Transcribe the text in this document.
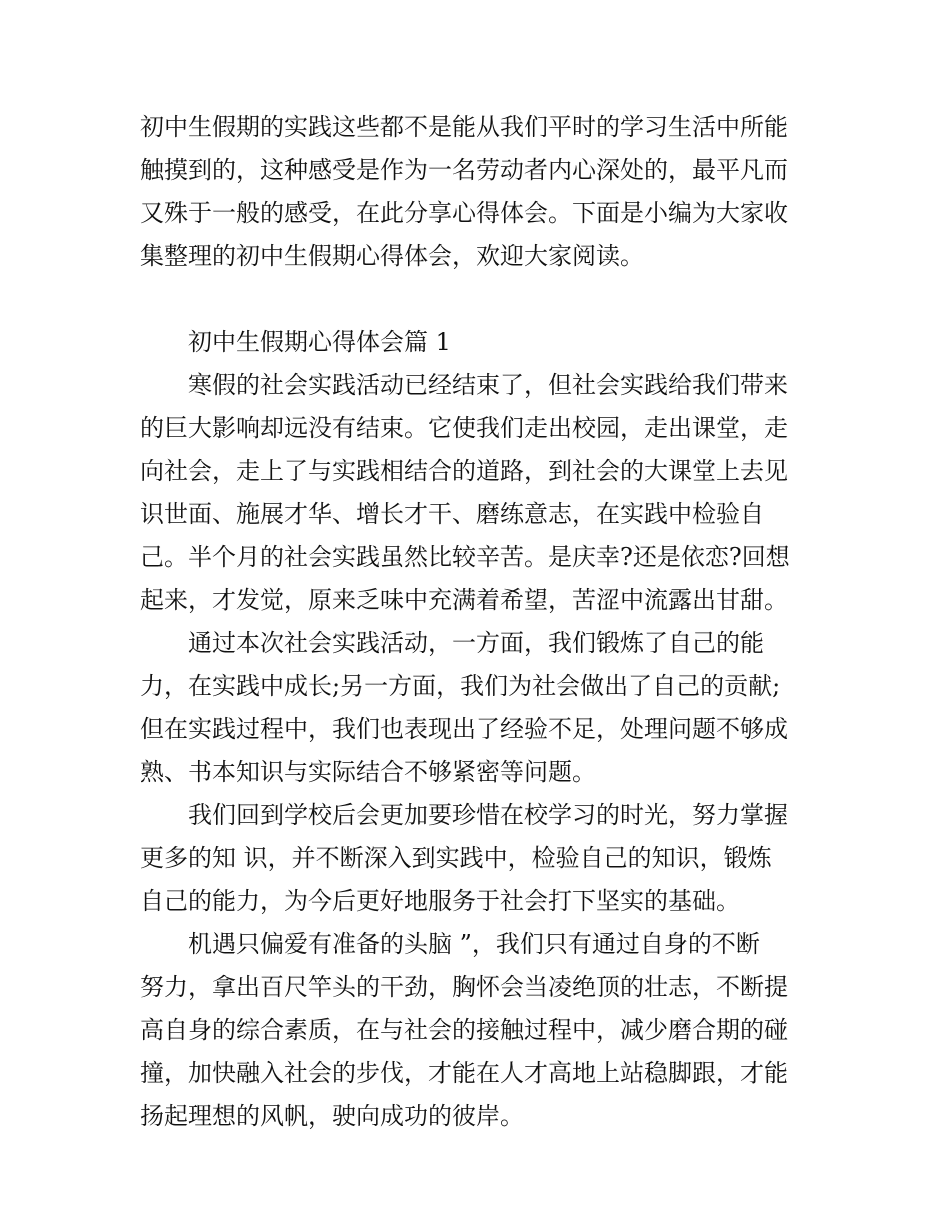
初中生假期的实践这些都不是能从我们平时的学习生活中所能
触摸到的，这种感受是作为一名劳动者内心深处的，最平凡而
又殊于一般的感受，在此分享心得体会。下面是小编为大家收
集整理的初中生假期心得体会，欢迎大家阅读。
初中生假期心得体会篇 1
寒假的社会实践活动已经结束了，但社会实践给我们带来
的巨大影响却远没有结束。它使我们走出校园，走出课堂，走
向社会，走上了与实践相结合的道路，到社会的大课堂上去见
识世面、施展才华、增长才干、磨练意志，在实践中检验自
己。半个月的社会实践虽然比较辛苦。是庆幸?还是依恋?回想
起来，才发觉，原来乏味中充满着希望，苦涩中流露出甘甜。
通过本次社会实践活动，一方面，我们锻炼了自己的能
力，在实践中成长;另一方面，我们为社会做出了自己的贡献;
但在实践过程中，我们也表现出了经验不足，处理问题不够成
熟、书本知识与实际结合不够紧密等问题。
我们回到学校后会更加要珍惜在校学习的时光，努力掌握
更多的知 识，并不断深入到实践中，检验自己的知识，锻炼
自己的能力，为今后更好地服务于社会打下坚实的基础。
机遇只偏爱有准备的头脑 ”，我们只有通过自身的不断
努力，拿出百尺竿头的干劲，胸怀会当凌绝顶的壮志，不断提
高自身的综合素质，在与社会的接触过程中，减少磨合期的碰
撞，加快融入社会的步伐，才能在人才高地上站稳脚跟，才能
扬起理想的风帆，驶向成功的彼岸。
